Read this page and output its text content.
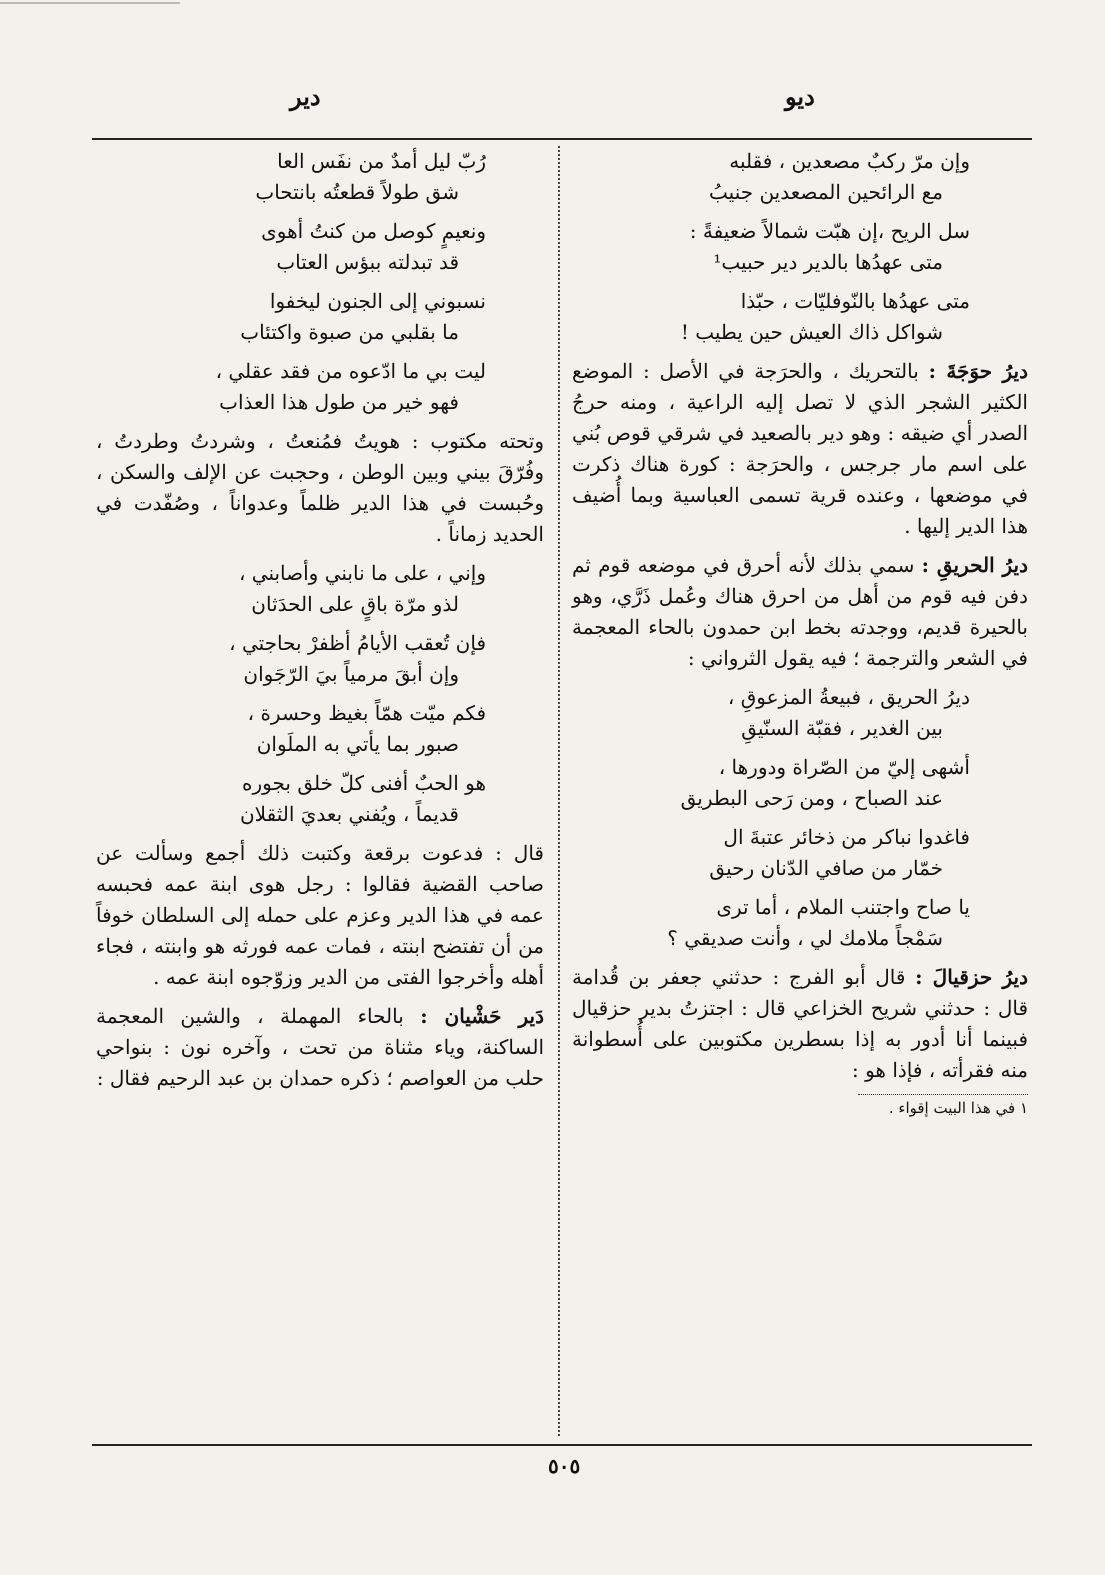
ديو
دير
وإن مرّ ركبٌ مصعدين ، فقلبه
مع الرائحين المصعدين جنيبُ
سل الريح ،إن هبّت شمالاً ضعيفةً :
متى عهدُها بالدير دير حبيب¹
متى عهدُها بالنّوفليّات ، حبّذا
شواكل ذاك العيش حين يطيب !
ديرُ حوَجَةَ : بالتحريك ، والحرَجة في الأصل : الموضع الكثير الشجر الذي لا تصل إليه الراعية ، ومنه حرجُ الصدر أي ضيقه : وهو دير بالصعيد في شرقي قوص بُني على اسم مار جرجس ، والحرَجة : كورة هناك ذكرت في موضعها ، وعنده قرية تسمى العباسية وبما أُضيف هذا الدير إليها .
ديرُ الحريقِ : سمي بذلك لأنه أحرق في موضعه قوم ثم دفن فيه قوم من أهل من احرق هناك وعُمل ذَرَّي، وهو بالحيرة قديم، ووجدته بخط ابن حمدون بالحاء المعجمة في الشعر والترجمة ؛ فيه يقول الثرواني :
ديرُ الحريق ، فبيعةُ المزعوقِ ،
بين الغدير ، فقبّة السنّيقِ
أشهى إليّ من الصّراة ودورها ،
عند الصباح ، ومن رَحى البطريق
فاغدوا نباكر من ذخائر عتبةَ ال
خمّار من صافي الدّنان رحيق
يا صاح واجتنب الملام ، أما ترى
سَمْجاً ملامك لي ، وأنت صديقي ؟
ديرُ حزقيالَ : قال أبو الفرج : حدثني جعفر بن قُدامة قال : حدثني شريح الخزاعي قال : اجتزتُ بدير حزقيال فبينما أنا أدور به إذا بسطرين مكتوبين على أُسطوانة منه فقرأته ، فإذا هو :
١ في هذا البيت إقواء .
رُبّ ليل أمدٌ من نفَس العا
شق طولاً قطعتُه بانتحاب
ونعيمٍ كوصل من كنتُ أهوى
قد تبدلته ببؤس العتاب
نسبوني إلى الجنون ليخفوا
ما بقلبي من صبوة واكتئاب
ليت بي ما ادّعوه من فقد عقلي ،
فهو خير من طول هذا العذاب
وتحته مكتوب : هويتُ فمُنعتُ ، وشردتُ وطردتُ ، وفُرّقَ بيني وبين الوطن ، وحجبت عن الإلف والسكن ، وحُبست في هذا الدير ظلماً وعدواناً ، وصُفّدت في الحديد زماناً .
وإني ، على ما نابني وأصابني ،
لذو مرّة باقٍ على الحدَثان
فإن تُعقب الأيامُ أظفرْ بحاجتي ،
وإن أبقَ مرمياً بيَ الرّجَوان
فكم ميّت همّاً بغيظ وحسرة ،
صبور بما يأتي به الملَوان
هو الحبٌ أفنى كلّ خلق بجوره
قديماً ، ويُفني بعديَ الثقلان
قال : فدعوت برقعة وكتبت ذلك أجمع وسألت عن صاحب القضية فقالوا : رجل هوى ابنة عمه فحبسه عمه في هذا الدير وعزم على حمله إلى السلطان خوفاً من أن تفتضح ابنته ، فمات عمه فورثه هو وابنته ، فجاء أهله وأخرجوا الفتى من الدير وزوّجوه ابنة عمه .
دَير حَشْيان : بالحاء المهملة ، والشين المعجمة الساكنة، وياء مثناة من تحت ، وآخره نون : بنواحي حلب من العواصم ؛ ذكره حمدان بن عبد الرحيم فقال :
٥٠٥
